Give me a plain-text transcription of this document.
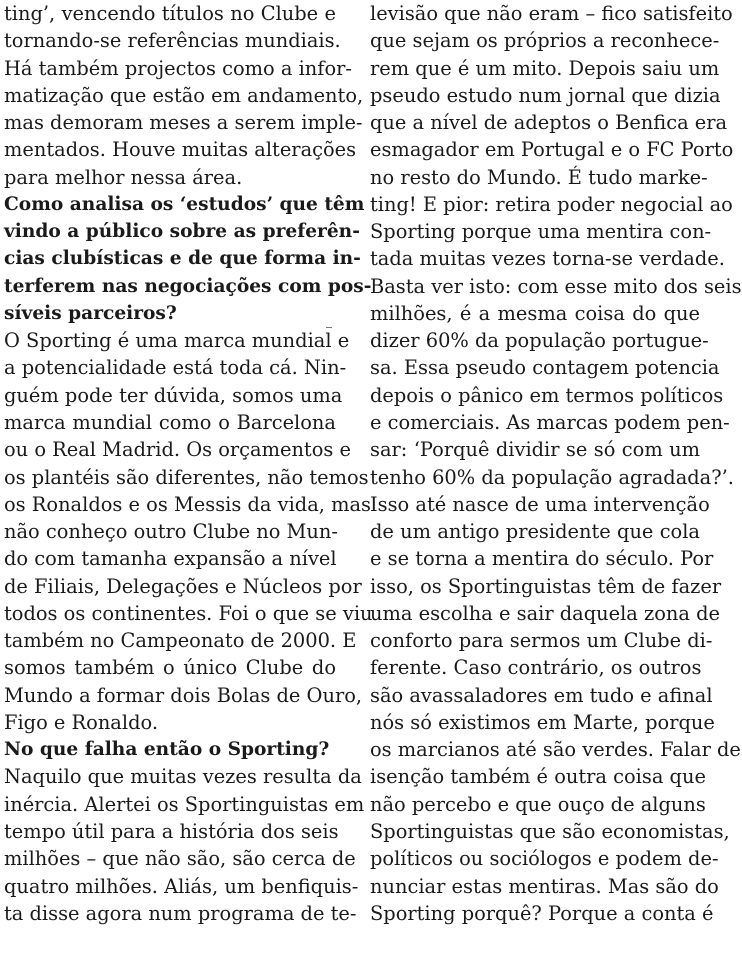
ting’, vencendo títulos no Clube e
tornando-se referências mundiais.
Há também projectos como a infor-
matização que estão em andamento,
mas demoram meses a serem imple-
mentados. Houve muitas alterações
para melhor nessa área.
Como analisa os ‘estudos’ que têm
vindo a público sobre as preferên-
cias clubísticas e de que forma in-
terferem nas negociações com pos-
síveis parceiros?
O Sporting é uma marca mundial e
a potencialidade está toda cá. Nin-
guém pode ter dúvida, somos uma
marca mundial como o Barcelona
ou o Real Madrid. Os orçamentos e
os plantéis são diferentes, não temos
os Ronaldos e os Messis da vida, mas
não conheço outro Clube no Mun-
do com tamanha expansão a nível
de Filiais, Delegações e Núcleos por
todos os continentes. Foi o que se viu
também no Campeonato de 2000. E
somos também o único Clube do
Mundo a formar dois Bolas de Ouro,
Figo e Ronaldo.
No que falha então o Sporting?
Naquilo que muitas vezes resulta da
inércia. Alertei os Sportinguistas em
tempo útil para a história dos seis
milhões – que não são, são cerca de
quatro milhões. Aliás, um benfiquis-
ta disse agora num programa de te-
levisão que não eram – fico satisfeito
que sejam os próprios a reconhece-
rem que é um mito. Depois saiu um
pseudo estudo num jornal que dizia
que a nível de adeptos o Benfica era
esmagador em Portugal e o FC Porto
no resto do Mundo. É tudo marke-
ting! E pior: retira poder negocial ao
Sporting porque uma mentira con-
tada muitas vezes torna-se verdade.
Basta ver isto: com esse mito dos seis
milhões, é a mesma coisa do que
dizer 60% da população portugue-
sa. Essa pseudo contagem potencia
depois o pânico em termos políticos
e comerciais. As marcas podem pen-
sar: ‘Porquê dividir se só com um
tenho 60% da população agradada?’.
Isso até nasce de uma intervenção
de um antigo presidente que cola
e se torna a mentira do século. Por
isso, os Sportinguistas têm de fazer
uma escolha e sair daquela zona de
conforto para sermos um Clube di-
ferente. Caso contrário, os outros
são avassaladores em tudo e afinal
nós só existimos em Marte, porque
os marcianos até são verdes. Falar de
isenção também é outra coisa que
não percebo e que ouço de alguns
Sportinguistas que são economistas,
políticos ou sociólogos e podem de-
nunciar estas mentiras. Mas são do
Sporting porquê? Porque a conta é
